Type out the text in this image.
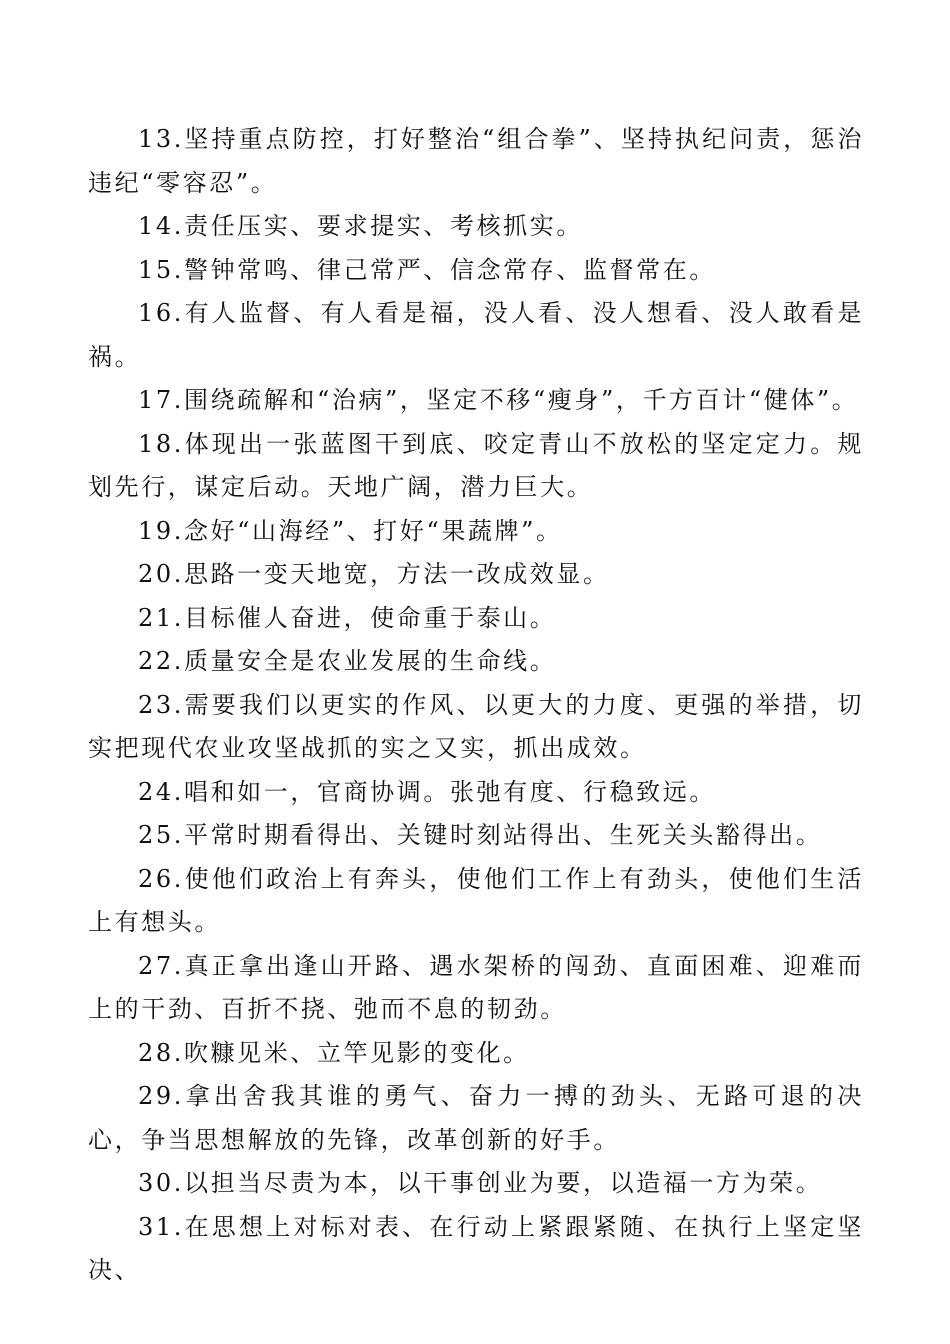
13.坚持重点防控，打好整治“组合拳”、坚持执纪问责，惩治违纪“零容忍”。

14.责任压实、要求提实、考核抓实。

15.警钟常鸣、律己常严、信念常存、监督常在。

16.有人监督、有人看是福，没人看、没人想看、没人敢看是祸。

17.围绕疏解和“治病”，坚定不移“瘦身”，千方百计“健体”。

18.体现出一张蓝图干到底、咬定青山不放松的坚定定力。规划先行，谋定后动。天地广阔，潜力巨大。

19.念好“山海经”、打好“果蔬牌”。

20.思路一变天地宽，方法一改成效显。

21.目标催人奋进，使命重于泰山。

22.质量安全是农业发展的生命线。

23.需要我们以更实的作风、以更大的力度、更强的举措，切实把现代农业攻坚战抓的实之又实，抓出成效。

24.唱和如一，官商协调。张弛有度、行稳致远。

25.平常时期看得出、关键时刻站得出、生死关头豁得出。

26.使他们政治上有奔头，使他们工作上有劲头，使他们生活上有想头。

27.真正拿出逢山开路、遇水架桥的闯劲、直面困难、迎难而上的干劲、百折不挠、弛而不息的韧劲。

28.吹糠见米、立竿见影的变化。

29.拿出舍我其谁的勇气、奋力一搏的劲头、无路可退的决心，争当思想解放的先锋，改革创新的好手。

30.以担当尽责为本，以干事创业为要，以造福一方为荣。

31.在思想上对标对表、在行动上紧跟紧随、在执行上坚定坚决、
